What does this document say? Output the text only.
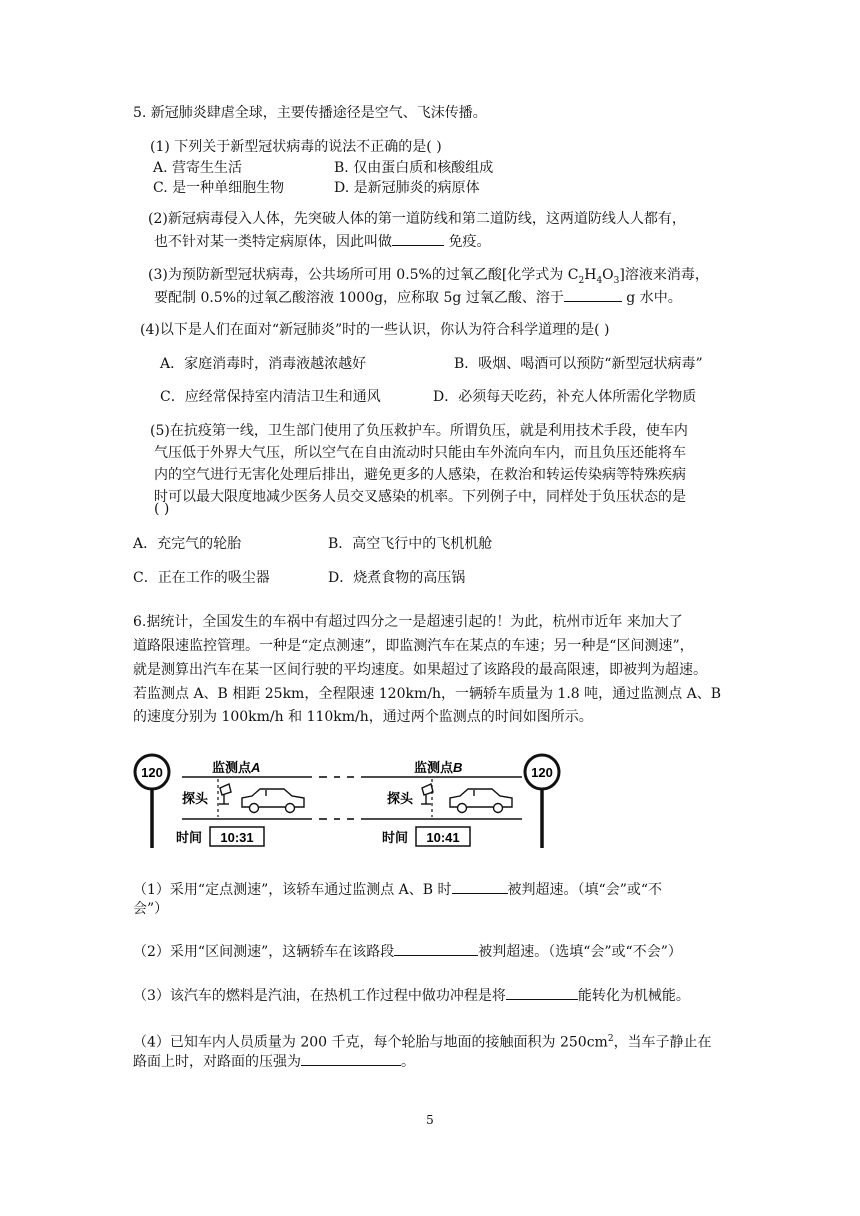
5. 新冠肺炎肆虐全球，主要传播途径是空气、飞沫传播。
(1) 下列关于新型冠状病毒的说法不正确的是( )
A. 营寄生生活	B. 仅由蛋白质和核酸组成
C. 是一种单细胞生物	D. 是新冠肺炎的病原体
(2)新冠病毒侵入人体，先突破人体的第一道防线和第二道防线，这两道防线人人都有，
也不针对某一类特定病原体，因此叫做	免疫。
(3)为预防新型冠状病毒，公共场所可用 0.5%的过氧乙酸[化学式为 $C_2H_4O_3$]溶液来消毒，
要配制 0.5%的过氧乙酸溶液 1000g，应称取 5g 过氧乙酸、溶于	g 水中。
(4)以下是人们在面对“新冠肺炎”时的一些认识，你认为符合科学道理的是( )
A．家庭消毒时，消毒液越浓越好	B．吸烟、喝酒可以预防“新型冠状病毒”
C．应经常保持室内清洁卫生和通风	D．必须每天吃药，补充人体所需化学物质
(5)在抗疫第一线，卫生部门使用了负压救护车。所谓负压，就是利用技术手段，使车内
气压低于外界大气压，所以空气在自由流动时只能由车外流向车内，而且负压还能将车
内的空气进行无害化处理后排出，避免更多的人感染，在救治和转运传染病等特殊疾病
时可以最大限度地减少医务人员交叉感染的机率。下列例子中，同样处于负压状态的是
( )
A．充完气的轮胎	B．高空飞行中的飞机机舱
C．正在工作的吸尘器	D．烧煮食物的高压锅
6.据统计，全国发生的车祸中有超过四分之一是超速引起的！为此，杭州市近年 来加大了
道路限速监控管理。一种是“定点测速”，即监测汽车在某点的车速；另一种是“区间测速”，
就是测算出汽车在某一区间行驶的平均速度。如果超过了该路段的最高限速，即被判为超速。
若监测点 A、B 相距 25km，全程限速 120km/h，一辆轿车质量为 1.8 吨，通过监测点 A、B
的速度分别为 100km/h 和 110km/h，通过两个监测点的时间如图所示。
120	120
监测点A	监测点B
探头	探头
时间 10:31	时间 10:41
（1）采用“定点测速”，该轿车通过监测点 A、B 时	被判超速。（填“会”或“不
会”）
（2）采用“区间测速”，这辆轿车在该路段	被判超速。（选填“会”或“不会”）
（3）该汽车的燃料是汽油，在热机工作过程中做功冲程是将	能转化为机械能。
（4）已知车内人员质量为 200 千克，每个轮胎与地面的接触面积为 $250cm^2$，当车子静止在
路面上时，对路面的压强为	。
5
